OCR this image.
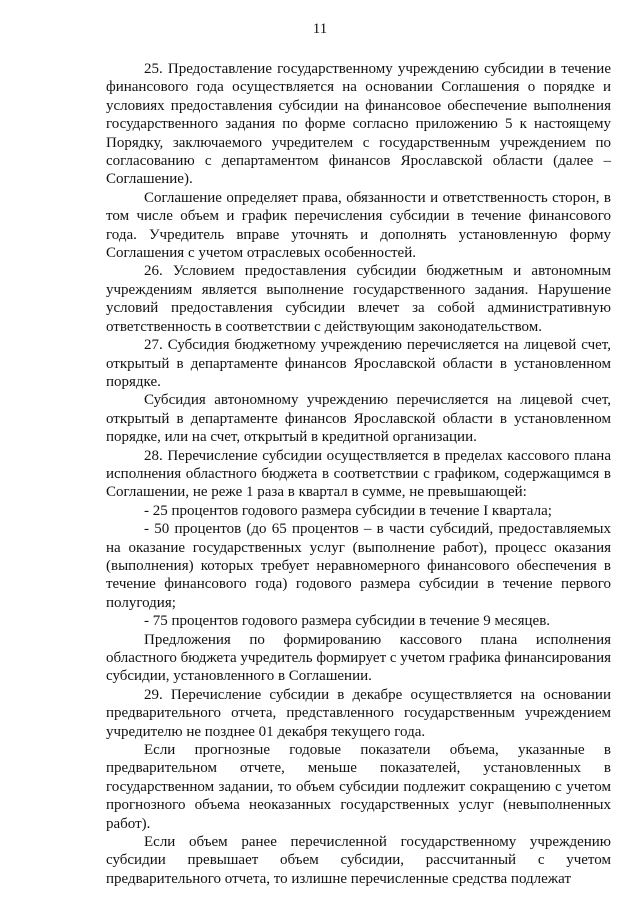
11

25. Предоставление государственному учреждению субсидии в течение финансового года осуществляется на основании Соглашения о порядке и условиях предоставления субсидии на финансовое обеспечение выполнения государственного задания по форме согласно приложению 5 к настоящему Порядку, заключаемого учредителем с государственным учреждением по согласованию с департаментом финансов Ярославской области (далее – Соглашение).

Соглашение определяет права, обязанности и ответственность сторон, в том числе объем и график перечисления субсидии в течение финансового года. Учредитель вправе уточнять и дополнять установленную форму Соглашения с учетом отраслевых особенностей.

26. Условием предоставления субсидии бюджетным и автономным учреждениям является выполнение государственного задания. Нарушение условий предоставления субсидии влечет за собой административную ответственность в соответствии с действующим законодательством.

27. Субсидия бюджетному учреждению перечисляется на лицевой счет, открытый в департаменте финансов Ярославской области в установленном порядке.

Субсидия автономному учреждению перечисляется на лицевой счет, открытый в департаменте финансов Ярославской области в установленном порядке, или на счет, открытый в кредитной организации.

28. Перечисление субсидии осуществляется в пределах кассового плана исполнения областного бюджета в соответствии с графиком, содержащимся в Соглашении, не реже 1 раза в квартал в сумме, не превышающей:

- 25 процентов годового размера субсидии в течение I квартала;

- 50 процентов (до 65 процентов – в части субсидий, предоставляемых на оказание государственных услуг (выполнение работ), процесс оказания (выполнения) которых требует неравномерного финансового обеспечения в течение финансового года) годового размера субсидии в течение первого полугодия;

- 75 процентов годового размера субсидии в течение 9 месяцев.

Предложения по формированию кассового плана исполнения областного бюджета учредитель формирует с учетом графика финансирования субсидии, установленного в Соглашении.

29. Перечисление субсидии в декабре осуществляется на основании предварительного отчета, представленного государственным учреждением учредителю не позднее 01 декабря текущего года.

Если прогнозные годовые показатели объема, указанные в предварительном отчете, меньше показателей, установленных в государственном задании, то объем субсидии подлежит сокращению с учетом прогнозного объема неоказанных государственных услуг (невыполненных работ).

Если объем ранее перечисленной государственному учреждению субсидии превышает объем субсидии, рассчитанный с учетом предварительного отчета, то излишне перечисленные средства подлежат
